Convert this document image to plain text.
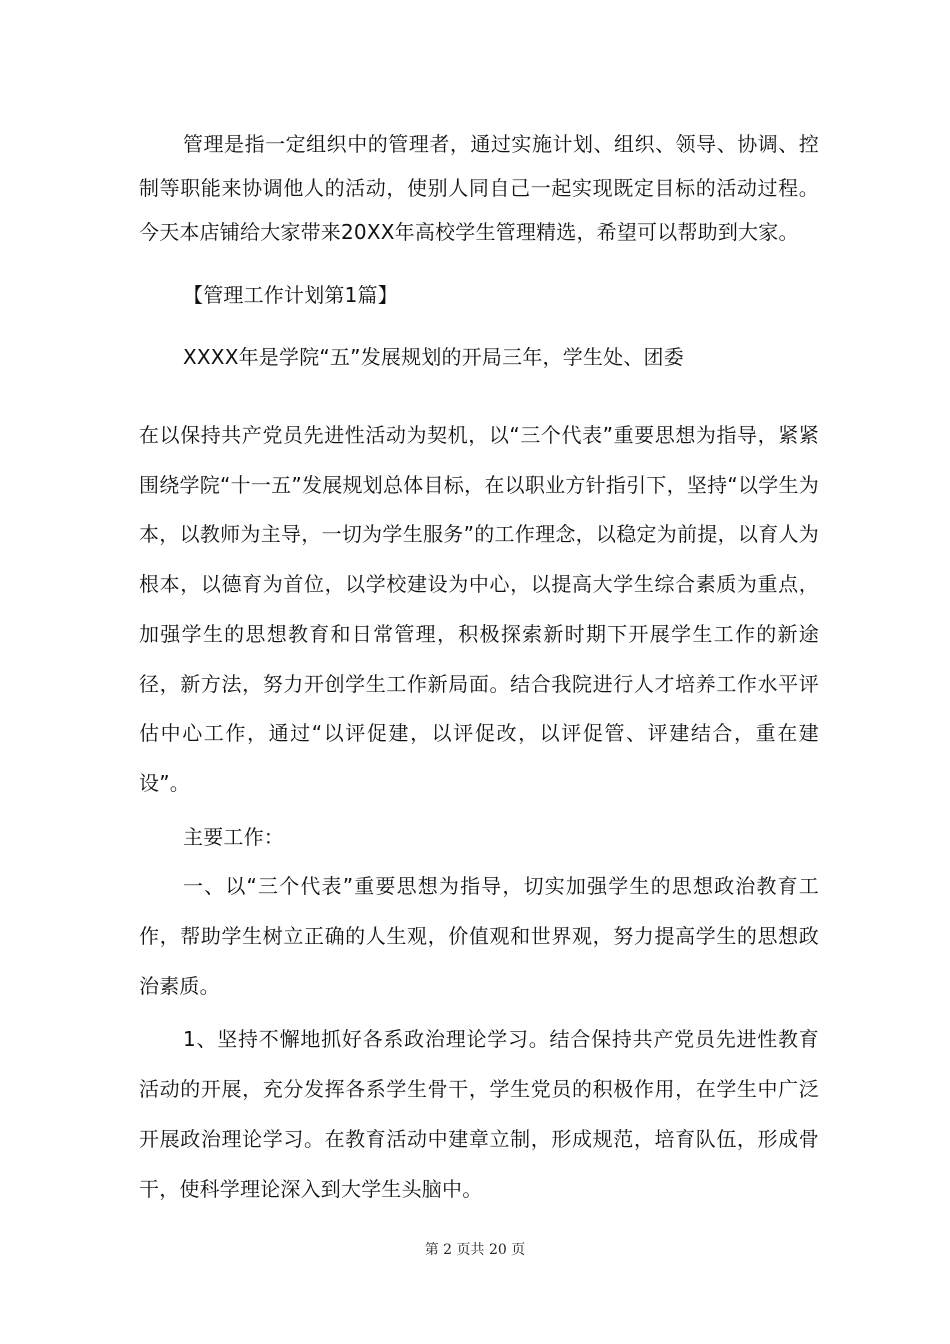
管理是指一定组织中的管理者，通过实施计划、组织、领导、协调、控制等职能来协调他人的活动，使别人同自己一起实现既定目标的活动过程。今天本店铺给大家带来20XX年高校学生管理精选，希望可以帮助到大家。

【管理工作计划第1篇】

XXXX年是学院“五”发展规划的开局三年，学生处、团委

在以保持共产党员先进性活动为契机，以“三个代表”重要思想为指导，紧紧围绕学院“十一五”发展规划总体目标，在以职业方针指引下，坚持“以学生为本，以教师为主导，一切为学生服务”的工作理念，以稳定为前提，以育人为根本，以德育为首位，以学校建设为中心，以提高大学生综合素质为重点，加强学生的思想教育和日常管理，积极探索新时期下开展学生工作的新途径，新方法，努力开创学生工作新局面。结合我院进行人才培养工作水平评估中心工作，通过“以评促建，以评促改，以评促管、评建结合，重在建设”。

主要工作：

一、以“三个代表”重要思想为指导，切实加强学生的思想政治教育工作，帮助学生树立正确的人生观，价值观和世界观，努力提高学生的思想政治素质。

1、坚持不懈地抓好各系政治理论学习。结合保持共产党员先进性教育活动的开展，充分发挥各系学生骨干，学生党员的积极作用，在学生中广泛开展政治理论学习。在教育活动中建章立制，形成规范，培育队伍，形成骨干，使科学理论深入到大学生头脑中。

第 2 页共 20 页
